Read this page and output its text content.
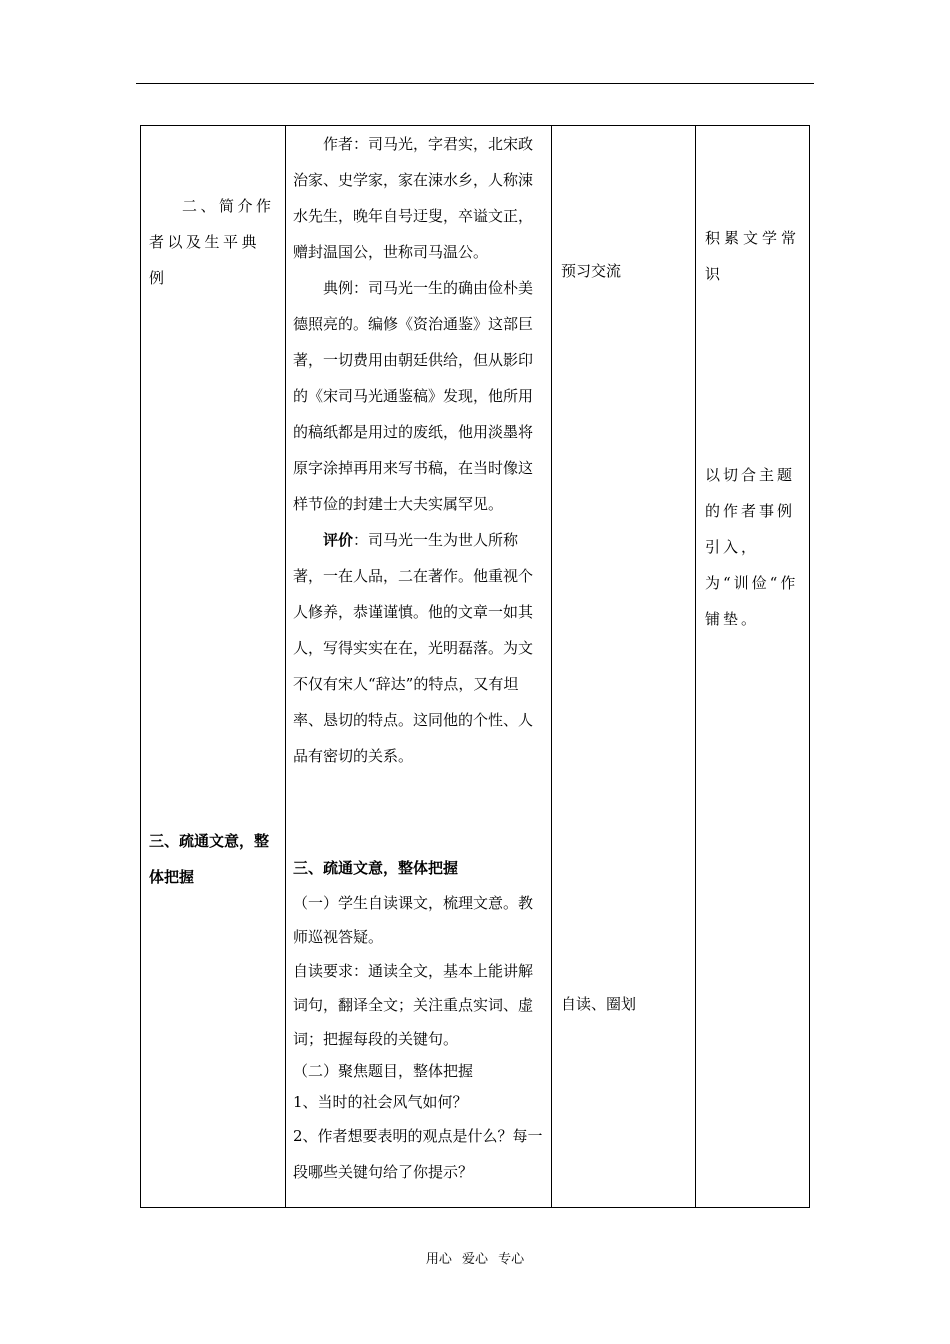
二、简介作者以及生平典例
三、疏通文意，整体把握

作者：司马光，字君实，北宋政治家、史学家，家在涑水乡，人称涑水先生，晚年自号迂叟，卒谥文正，赠封温国公，世称司马温公。

典例：司马光一生的确由俭朴美德照亮的。编修《资治通鉴》这部巨著，一切费用由朝廷供给，但从影印的《宋司马光通鉴稿》发现，他所用的稿纸都是用过的废纸，他用淡墨将原字涂掉再用来写书稿，在当时像这样节俭的封建士大夫实属罕见。

评价：司马光一生为世人所称著，一在人品，二在著作。他重视个人修养，恭谨谨慎。他的文章一如其人，写得实实在在，光明磊落。为文不仅有宋人“辞达”的特点，又有坦率、恳切的特点。这同他的个性、人品有密切的关系。

三、疏通文意，整体把握

（一）学生自读课文，梳理文意。教师巡视答疑。

自读要求：通读全文，基本上能讲解词句，翻译全文；关注重点实词、虚词；把握每段的关键句。

（二）聚焦题目，整体把握

1、当时的社会风气如何？

2、作者想要表明的观点是什么？每一段哪些关键句给了你提示？

预习交流
自读、圈划
积累文学常识
以切合主题的作者事例引入，为“训俭“作铺垫。
用心 爱心 专心
